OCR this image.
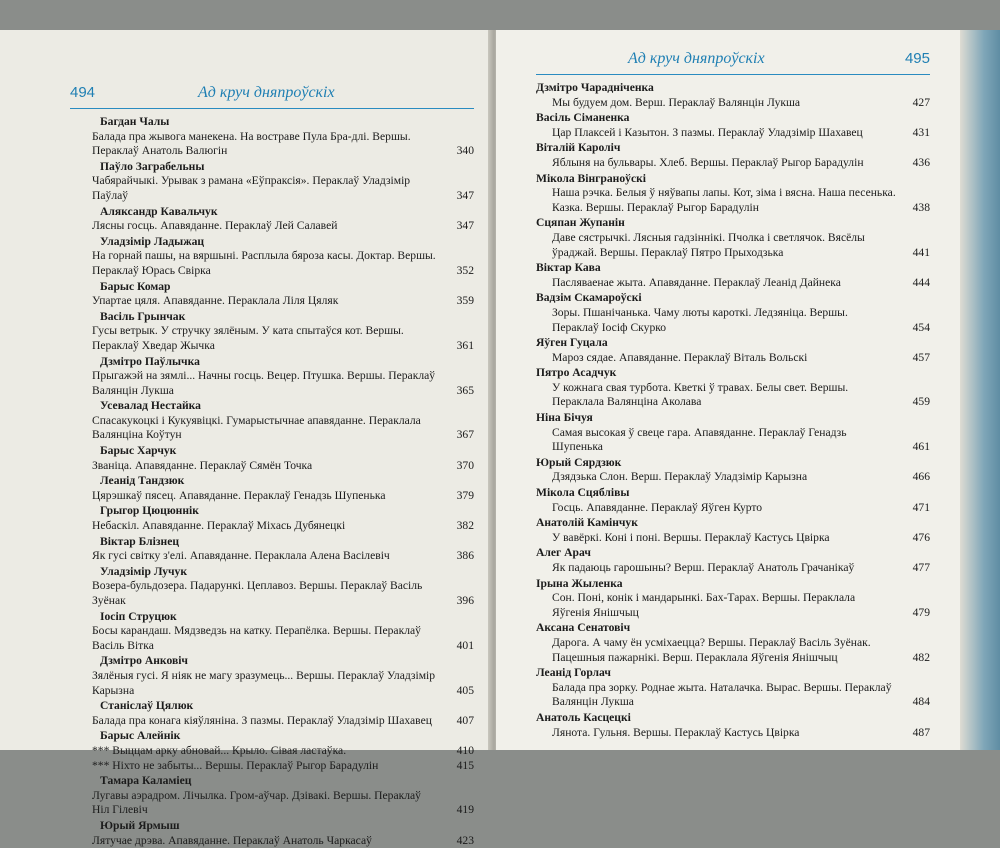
494	Ад круч дняпроўскіх
Багдан Чалы
Балада пра жывога манекена. На востраве Пула Бра-длі. Вершы. Пераклаў Анатоль Валюгін	340
Паўло Заграбельны
Чабярайчыкі. Урывак з рамана «Еўпраксія». Пераклаў Уладзімір Паўлаў	347
Аляксандр Кавальчук
Лясны госць. Апавяданне. Пераклаў Лей Салавей	347
Уладзімір Ладыжац
На горнай пашы, на вяршыні. Расплыла бяроза касы. Доктар. Вершы. Пераклаў Юрась Свірка	352
Барыс Комар
Упартае цяля. Апавяданне. Пераклала Ліля Цяляк	359
Васіль Грынчак
Гусы ветрык. У стручку зялёным. У ката спытаўся кот. Вершы. Пераклаў Хведар Жычка	361
Дзмітро Паўлычка
Прыгажэй на зямлі... Начны госць. Вецер. Птушка. Вершы. Пераклаў Валянцін Лукша	365
Усевалад Нестайка
Спасакукоцкі і Кукуявіцкі. Гумарыстычнае апавяданне. Пераклала Валянціна Коўтун	367
Барыс Харчук
Званіца. Апавяданне. Пераклаў Сямён Точка	370
Леанід Тандзюк
Цярэшкаў пясец. Апавяданне. Пераклаў Генадзь Шупенька	379
Грыгор Цюцюннік
Небаскіл. Апавяданне. Пераклаў Міхась Дубянецкі	382
Віктар Блізнец
Як гусі світку з'елі. Апавяданне. Пераклала Алена Васілевіч	386
Уладзімір Лучук
Возера-бульдозера. Падарункі. Цеплавоз. Вершы. Пераклаў Васіль Зуёнак	396
Іосіп Струцюк
Босы карандаш. Мядзведзь на катку. Перапёлка. Вершы. Пераклаў Васіль Вітка	401
Дзмітро Анковіч
Зялёныя гусі. Я ніяк не магу зразумець... Вершы. Пераклаў Уладзімір Карызна	405
Станіслаў Цялюк
Балада пра конага кіяўляніна. З пазмы. Пераклаў Уладзімір Шахавец	407
Барыс Алейнік
*** Выццам арку абновай... Крыло. Сівая ластаўка.	410
*** Ніхто не забыты... Вершы. Пераклаў Рыгор Барадулін	415
Тамара Каламіец
Лугавы аэрадром. Лічылка. Гром-аўчар. Дзівакі. Вершы. Пераклаў Ніл Гілевіч	419
Юрый Ярмыш
Лятучае дрэва. Апавяданне. Пераклаў Анатоль Чаркасаў	423
Ад круч дняпроўскіх	495
Дзмітро Чарадніченка
Мы будуем дом. Верш. Пераклаў Валянцін Лукша	427
Васіль Сіманенка
Цар Плаксей і Казытон. З пазмы. Пераклаў Уладзімір Шахавец	431
Віталій Кароліч
Яблыня на бульвары. Хлеб. Вершы. Пераклаў Рыгор Барадулін	436
Мікола Вінграноўскі
Наша рэчка. Белыя ў няўвапы лапы. Кот, зіма і вясна. Наша песенька. Казка. Вершы. Пераклаў Рыгор Барадулін	438
Сцяпан Жупанін
Даве сястрычкі. Лясныя гадзіннікі. Пчолка і светлячок. Вясёлы ўраджай. Вершы. Пераклаў Пятро Прыходзька	441
Віктар Кава
Пасляваенае жыта. Апавяданне. Пераклаў Леанід Дайнека	444
Вадзім Скамароўскі
Зоры. Пшанічанька. Чаму люты кароткі. Ледзяніца. Вершы. Пераклаў Іосіф Скурко	454
Яўген Гуцала
Мароз сядае. Апавяданне. Пераклаў Віталь Вольскі	457
Пятро Асадчук
У кожнага свая турбота. Кветкі ў травах. Белы свет. Вершы. Пераклала Валянціна Аколава	459
Ніна Бічуя
Самая высокая ў свеце гара. Апавяданне. Пераклаў Генадзь Шупенька	461
Юрый Сярдзюк
Дзядзька Слон. Верш. Пераклаў Уладзімір Карызна	466
Мікола Сцяблівы
Госць. Апавяданне. Пераклаў Яўген Курто	471
Анатолій Камінчук
У вавёркі. Коні і поні. Вершы. Пераклаў Кастусь Цвірка	476
Алег Арач
Як падаюць гарошыны? Верш. Пераклаў Анатоль Грачанікаў	477
Ірына Жыленка
Сон. Поні, конік і мандарынкі. Бах-Тарах. Вершы. Пераклала Яўгенія Янішчыц	479
Аксана Сенатовіч
Дарога. А чаму ён усміхаецца? Вершы. Пераклаў Васіль Зуёнак. Пацешныя пажарнікі. Верш. Пераклала Яўгенія Янішчыц	482
Леанід Горлач
Балада пра зорку. Роднае жыта. Наталачка. Вырас. Вершы. Пераклаў Валянцін Лукша	484
Анатоль Касцецкі
Лянота. Гульня. Вершы. Пераклаў Кастусь Цвірка	487
